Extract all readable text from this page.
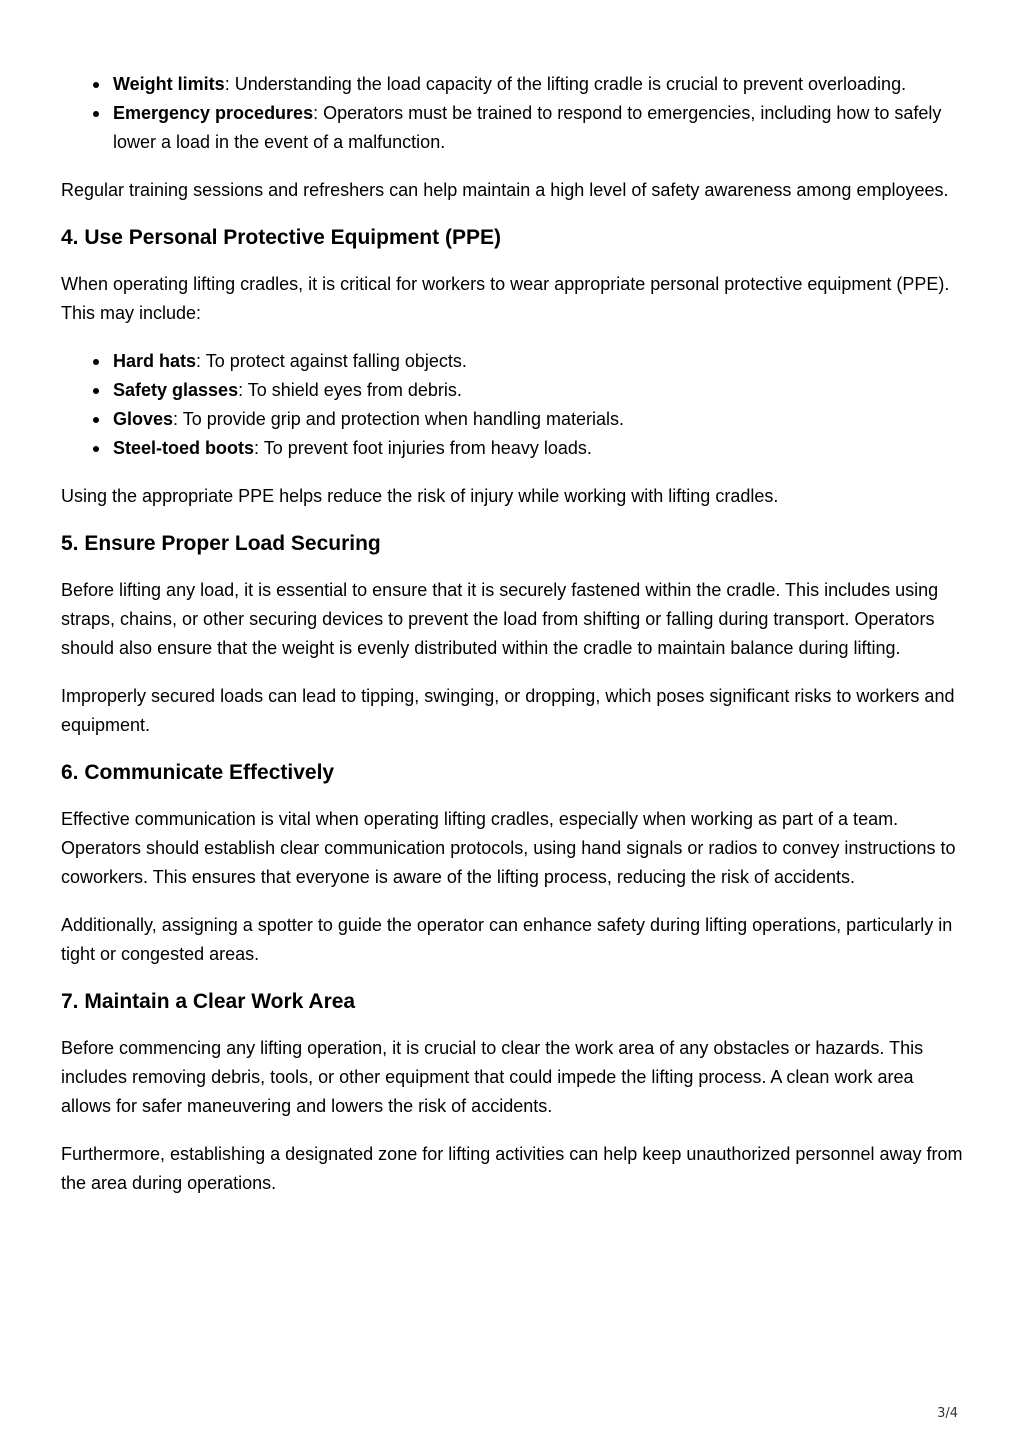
Weight limits: Understanding the load capacity of the lifting cradle is crucial to prevent overloading.
Emergency procedures: Operators must be trained to respond to emergencies, including how to safely lower a load in the event of a malfunction.

Regular training sessions and refreshers can help maintain a high level of safety awareness among employees.

4. Use Personal Protective Equipment (PPE)

When operating lifting cradles, it is critical for workers to wear appropriate personal protective equipment (PPE). This may include:

Hard hats: To protect against falling objects.
Safety glasses: To shield eyes from debris.
Gloves: To provide grip and protection when handling materials.
Steel-toed boots: To prevent foot injuries from heavy loads.

Using the appropriate PPE helps reduce the risk of injury while working with lifting cradles.

5. Ensure Proper Load Securing

Before lifting any load, it is essential to ensure that it is securely fastened within the cradle. This includes using straps, chains, or other securing devices to prevent the load from shifting or falling during transport. Operators should also ensure that the weight is evenly distributed within the cradle to maintain balance during lifting.

Improperly secured loads can lead to tipping, swinging, or dropping, which poses significant risks to workers and equipment.

6. Communicate Effectively

Effective communication is vital when operating lifting cradles, especially when working as part of a team. Operators should establish clear communication protocols, using hand signals or radios to convey instructions to coworkers. This ensures that everyone is aware of the lifting process, reducing the risk of accidents.

Additionally, assigning a spotter to guide the operator can enhance safety during lifting operations, particularly in tight or congested areas.

7. Maintain a Clear Work Area

Before commencing any lifting operation, it is crucial to clear the work area of any obstacles or hazards. This includes removing debris, tools, or other equipment that could impede the lifting process. A clean work area allows for safer maneuvering and lowers the risk of accidents.

Furthermore, establishing a designated zone for lifting activities can help keep unauthorized personnel away from the area during operations.

3/4
